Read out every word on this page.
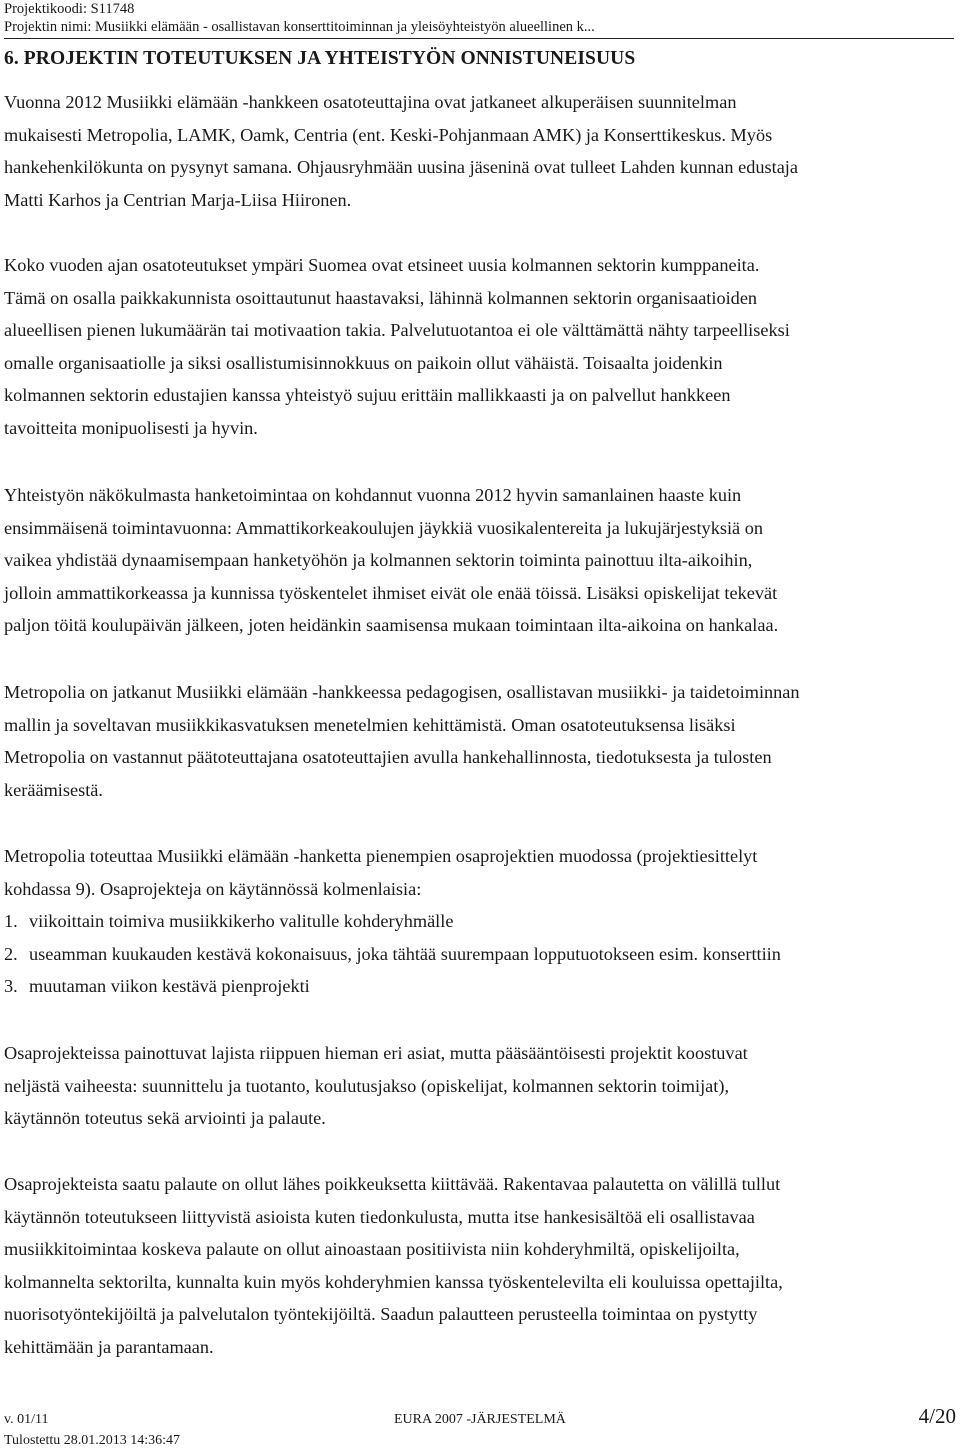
Projektikoodi: S11748
Projektin nimi: Musiikki elämään - osallistavan konserttitoiminnan ja yleisöyhteistyön alueellinen k...
6. PROJEKTIN TOTEUTUKSEN JA YHTEISTYÖN ONNISTUNEISUUS
Vuonna 2012 Musiikki elämään -hankkeen osatoteuttajina ovat jatkaneet alkuperäisen suunnitelman
mukaisesti Metropolia, LAMK, Oamk, Centria (ent. Keski-Pohjanmaan AMK) ja Konserttikeskus. Myös
hankehenkilökunta on pysynyt samana. Ohjausryhmään uusina jäseninä ovat tulleet Lahden kunnan edustaja
Matti Karhos ja Centrian Marja-Liisa Hiironen.
Koko vuoden ajan osatoteutukset ympäri Suomea ovat etsineet uusia kolmannen sektorin kumppaneita.
Tämä on osalla paikkakunnista osoittautunut haastavaksi, lähinnä kolmannen sektorin organisaatioiden
alueellisen pienen lukumäärän tai motivaation takia. Palvelutuotantoa ei ole välttämättä nähty tarpeelliseksi
omalle organisaatiolle ja siksi osallistumisinnokkuus on paikoin ollut vähäistä. Toisaalta joidenkin
kolmannen sektorin edustajien kanssa yhteistyö sujuu erittäin mallikkaasti ja on palvellut hankkeen
tavoitteita monipuolisesti ja hyvin.
Yhteistyön näkökulmasta hanketoimintaa on kohdannut vuonna 2012 hyvin samanlainen haaste kuin
ensimmäisenä toimintavuonna: Ammattikorkeakoulujen jäykkiä vuosikalentereita ja lukujärjestyksiä on
vaikea yhdistää dynaamisempaan hanketyöhön ja kolmannen sektorin toiminta painottuu ilta-aikoihin,
jolloin ammattikorkeassa ja kunnissa työskentelet ihmiset eivät ole enää töissä. Lisäksi opiskelijat tekevät
paljon töitä koulupäivän jälkeen, joten heidänkin saamisensa mukaan toimintaan ilta-aikoina on hankalaa.
Metropolia on jatkanut Musiikki elämään -hankkeessa pedagogisen, osallistavan musiikki- ja taidetoiminnan
mallin ja soveltavan musiikkikasvatuksen menetelmien kehittämistä. Oman osatoteutuksensa lisäksi
Metropolia on vastannut päätoteuttajana osatoteuttajien avulla hankehallinnosta, tiedotuksesta ja tulosten
keräämisestä.
Metropolia toteuttaa Musiikki elämään -hanketta pienempien osaprojektien muodossa (projektiesittelyt
kohdassa 9). Osaprojekteja on käytännössä kolmenlaisia:
1. viikoittain toimiva musiikkikerho valitulle kohderyhmälle
2. useamman kuukauden kestävä kokonaisuus, joka tähtää suurempaan lopputuotokseen esim. konserttiin
3. muutaman viikon kestävä pienprojekti
Osaprojekteissa painottuvat lajista riippuen hieman eri asiat, mutta pääsääntöisesti projektit koostuvat
neljästä vaiheesta: suunnittelu ja tuotanto, koulutusjakso (opiskelijat, kolmannen sektorin toimijat),
käytännön toteutus sekä arviointi ja palaute.
Osaprojekteista saatu palaute on ollut lähes poikkeuksetta kiittävää. Rakentavaa palautetta on välillä tullut
käytännön toteutukseen liittyvistä asioista kuten tiedonkulusta, mutta itse hankesisältöä eli osallistavaa
musiikkitoimintaa koskeva palaute on ollut ainoastaan positiivista niin kohderyhmiltä, opiskelijoilta,
kolmannelta sektorilta, kunnalta kuin myös kohderyhmien kanssa työskentelevilta eli kouluissa opettajilta,
nuorisotyöntekijöiltä ja palvelutalon työntekijöiltä. Saadun palautteen perusteella toimintaa on pystytty
kehittämään ja parantamaan.
v. 01/11	EURA 2007 -JÄRJESTELMÄ	4/20
Tulostettu 28.01.2013 14:36:47
